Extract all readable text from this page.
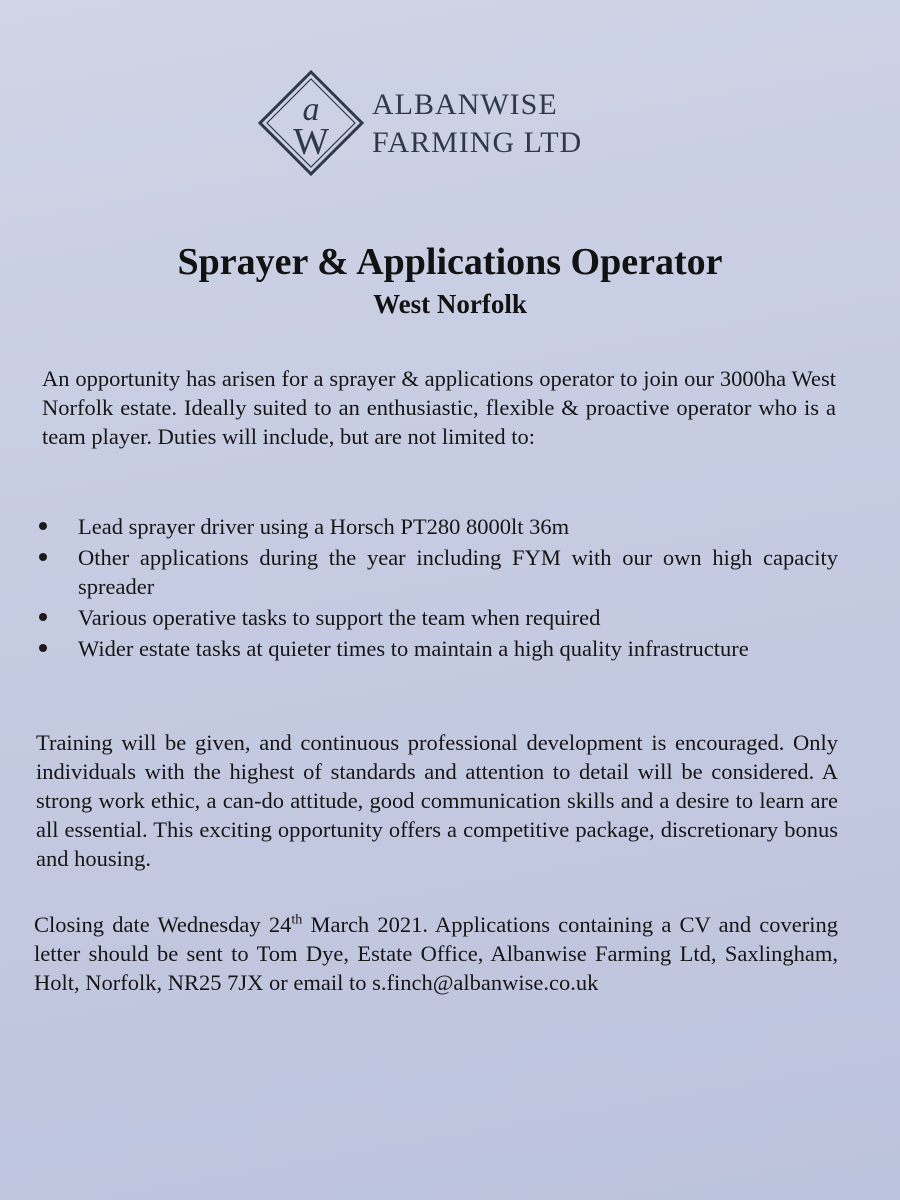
a
W
ALBANWISE
FARMING LTD
Sprayer & Applications Operator
West Norfolk
An opportunity has arisen for a sprayer & applications operator to join our 3000ha West Norfolk estate. Ideally suited to an enthusiastic, flexible & proactive operator who is a team player. Duties will include, but are not limited to:
Lead sprayer driver using a Horsch PT280 8000lt 36m
Other applications during the year including FYM with our own high capacity spreader
Various operative tasks to support the team when required
Wider estate tasks at quieter times to maintain a high quality infrastructure
Training will be given, and continuous professional development is encouraged. Only individuals with the highest of standards and attention to detail will be considered. A strong work ethic, a can-do attitude, good communication skills and a desire to learn are all essential. This exciting opportunity offers a competitive package, discretionary bonus and housing.
Closing date Wednesday 24th March 2021. Applications containing a CV and covering letter should be sent to Tom Dye, Estate Office, Albanwise Farming Ltd, Saxlingham, Holt, Norfolk, NR25 7JX or email to s.finch@albanwise.co.uk
